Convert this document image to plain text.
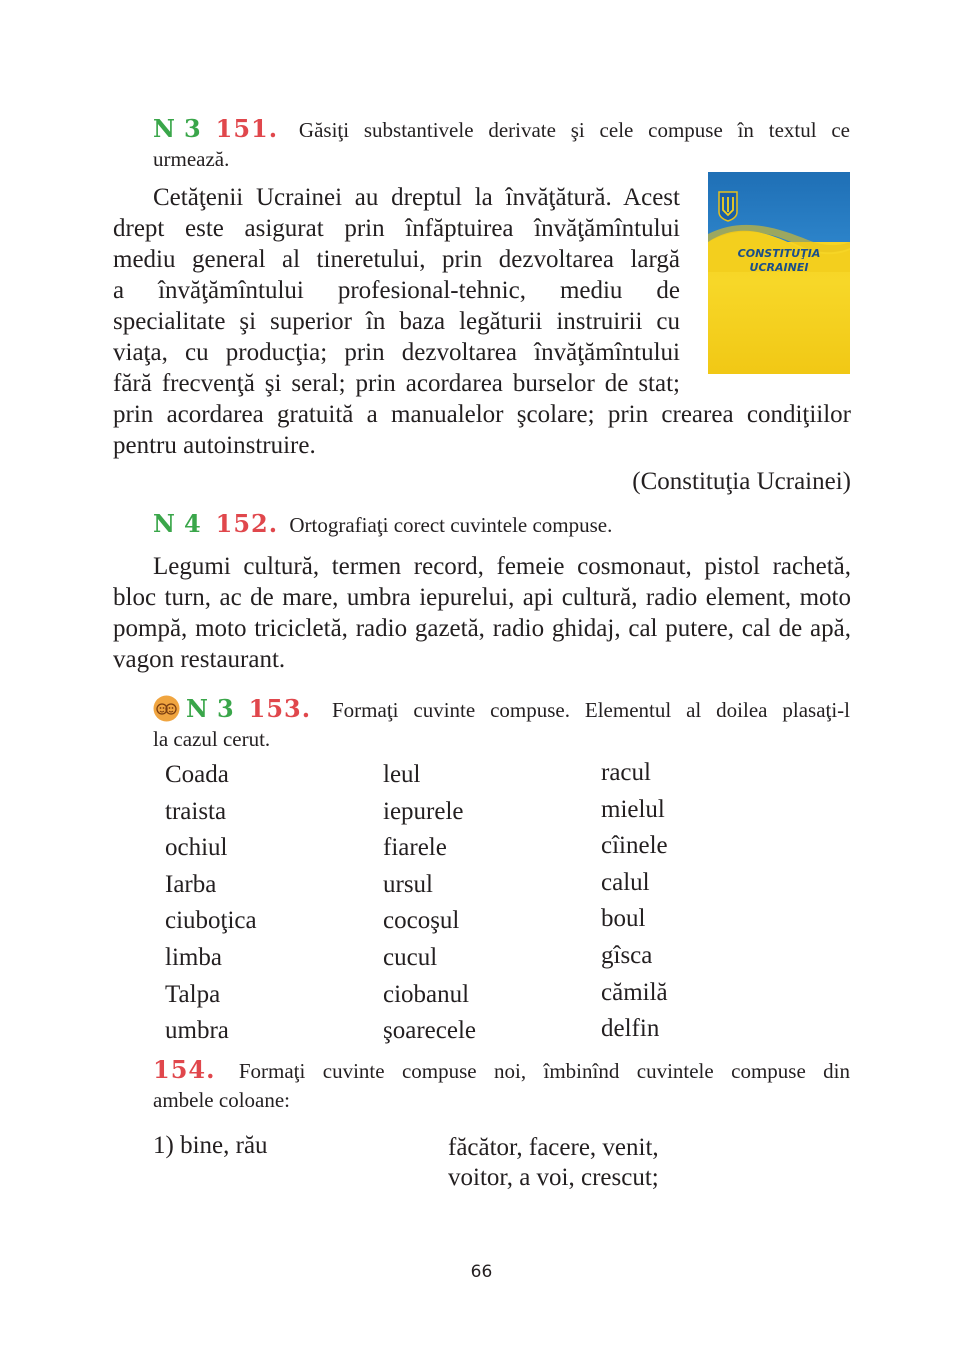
N 3 151. Găsiţi substantivele derivate şi cele compuse în textul ce
urmează.
Cetăţenii Ucrainei au dreptul la învăţătură. Acest
drept este asigurat prin înfăptuirea învăţămîntului
mediu general al tineretului, prin dezvoltarea largă
a învăţămîntului profesional-tehnic, mediu de
specialitate şi superior în baza legăturii instruirii cu
viaţa, cu producţia; prin dezvoltarea învăţămîntului
fără frecvenţă şi seral; prin acordarea burselor de stat;
prin acordarea gratuită a manualelor şcolare; prin crearea condiţiilor
pentru autoinstruire.
CONSTITUŢIA
UCRAINEI
(Constituţia Ucrainei)
N 4 152. Ortografiaţi corect cuvintele compuse.
Legumi cultură, termen record, femeie cosmonaut, pistol rachetă,
bloc turn, ac de mare, umbra iepurelui, api cultură, radio element, moto
pompă, moto tricicletă, radio gazetă, radio ghidaj, cal putere, cal de apă,
vagon restaurant.
N 3 153. Formaţi cuvinte compuse. Elementul al doilea plasaţi-l
la cazul cerut.
Coada
traista
ochiul
Iarba
ciuboţica
limba
Talpa
umbra
leul
iepurele
fiarele
ursul
cocoşul
cucul
ciobanul
şoarecele
racul
mielul
cîinele
calul
boul
gîsca
cămilă
delfin
154. Formaţi cuvinte compuse noi, îmbinînd cuvintele compuse din
ambele coloane:
1) bine, rău	făcător, facere, venit,
voitor, a voi, crescut;
66
